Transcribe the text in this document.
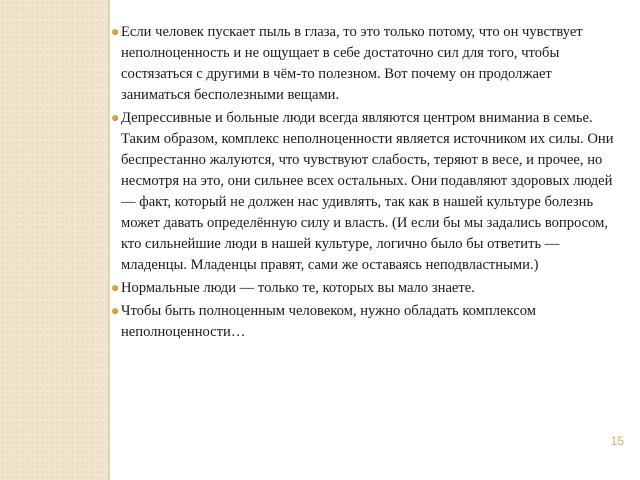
Если человек пускает пыль в глаза, то это только потому, что он чувствует неполноценность и не ощущает в себе достаточно сил для того, чтобы состязаться с другими в чём-то полезном. Вот почему он продолжает заниматься бесполезными вещами.
Депрессивные и больные люди всегда являются центром вниманиа в семье.
Таким образом, комплекс неполноценности является источником их силы. Они беспрестанно жалуются, что чувствуют слабость, теряют в весе, и прочее, но несмотря на это, они сильнее всех остальных. Они подавляют здоровых людей — факт, который не должен нас удивлять, так как в нашей культуре болезнь может давать определённую силу и власть. (И если бы мы задались вопросом, кто сильнейшие люди в нашей культуре, логично было бы ответить — младенцы. Младенцы правят, сами же оставаясь неподвластными.)
Нормальные люди — только те, которых вы мало знаете.
Чтобы быть полноценным человеком, нужно обладать комплексом неполноценности…
15
